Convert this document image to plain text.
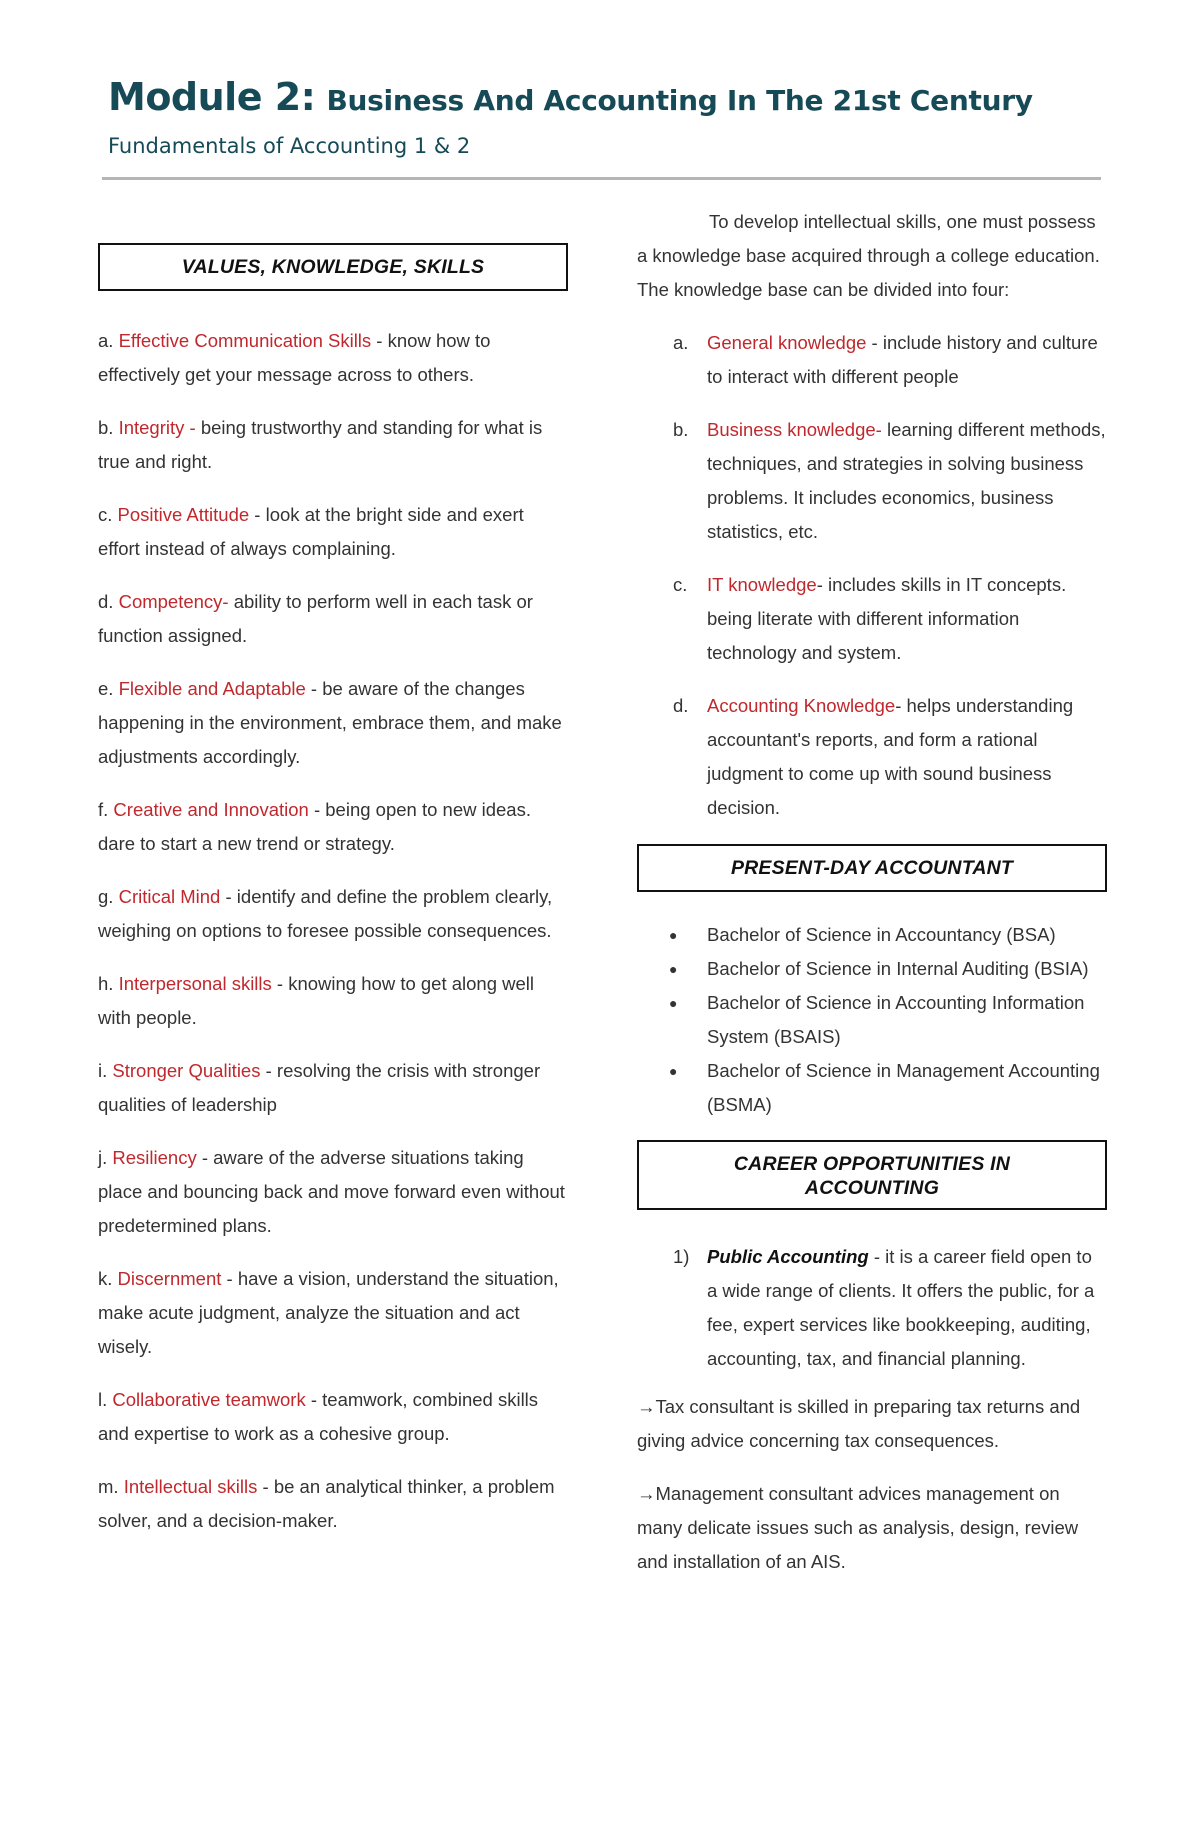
Module 2: Business And Accounting In The 21st Century
Fundamentals of Accounting 1 & 2
VALUES, KNOWLEDGE, SKILLS

a. Effective Communication Skills - know how to effectively get your message across to others.

b. Integrity - being trustworthy and standing for what is true and right.

c. Positive Attitude - look at the bright side and exert effort instead of always complaining.

d. Competency- ability to perform well in each task or function assigned.

e. Flexible and Adaptable - be aware of the changes happening in the environment, embrace them, and make adjustments accordingly.

f. Creative and Innovation - being open to new ideas. dare to start a new trend or strategy.

g. Critical Mind - identify and define the problem clearly, weighing on options to foresee possible consequences.

h. Interpersonal skills - knowing how to get along well with people.

i. Stronger Qualities - resolving the crisis with stronger qualities of leadership

j. Resiliency - aware of the adverse situations taking place and bouncing back and move forward even without predetermined plans.

k. Discernment - have a vision, understand the situation, make acute judgment, analyze the situation and act wisely.

l. Collaborative teamwork - teamwork, combined skills and expertise to work as a cohesive group.

m. Intellectual skills - be an analytical thinker, a problem solver, and a decision-maker.

To develop intellectual skills, one must possess a knowledge base acquired through a college education. The knowledge base can be divided into four:

a. General knowledge - include history and culture to interact with different people
b. Business knowledge- learning different methods, techniques, and strategies in solving business problems. It includes economics, business statistics, etc.
c. IT knowledge- includes skills in IT concepts. being literate with different information technology and system.
d. Accounting Knowledge- helps understanding accountant's reports, and form a rational judgment to come up with sound business decision.
PRESENT-DAY ACCOUNTANT
● Bachelor of Science in Accountancy (BSA)
● Bachelor of Science in Internal Auditing (BSIA)
● Bachelor of Science in Accounting Information System (BSAIS)
● Bachelor of Science in Management Accounting (BSMA)
CAREER OPPORTUNITIES IN
ACCOUNTING
1) Public Accounting - it is a career field open to a wide range of clients. It offers the public, for a fee, expert services like bookkeeping, auditing, accounting, tax, and financial planning.

→Tax consultant is skilled in preparing tax returns and giving advice concerning tax consequences.

→Management consultant advices management on many delicate issues such as analysis, design, review and installation of an AIS.
